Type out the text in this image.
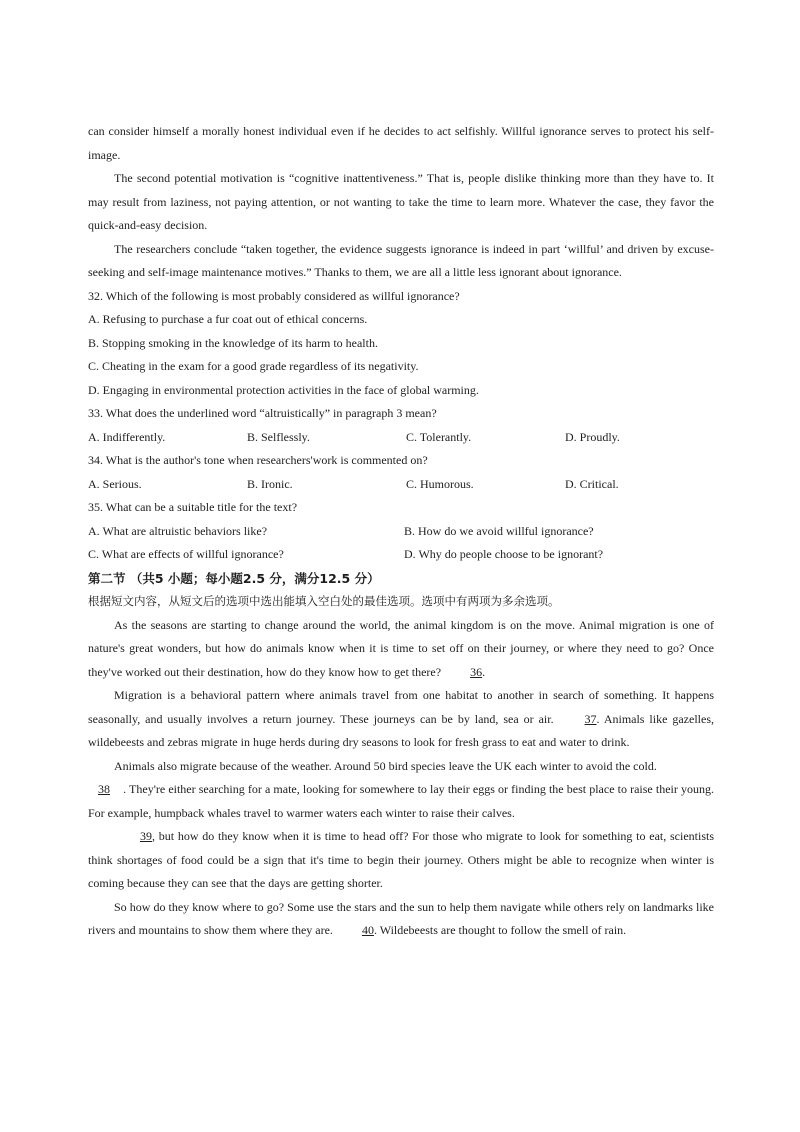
can consider himself a morally honest individual even if he decides to act selfishly. Willful ignorance serves to protect his self-image.

The second potential motivation is “cognitive inattentiveness.” That is, people dislike thinking more than they have to. It may result from laziness, not paying attention, or not wanting to take the time to learn more. Whatever the case, they favor the quick-and-easy decision.

The researchers conclude “taken together, the evidence suggests ignorance is indeed in part ‘willful’ and driven by excuse-seeking and self-image maintenance motives.” Thanks to them, we are all a little less ignorant about ignorance.

32. Which of the following is most probably considered as willful ignorance?

A. Refusing to purchase a fur coat out of ethical concerns.

B. Stopping smoking in the knowledge of its harm to health.

C. Cheating in the exam for a good grade regardless of its negativity.

D. Engaging in environmental protection activities in the face of global warming.

33. What does the underlined word “altruistically” in paragraph 3 mean?

A. Indifferently.	B. Selflessly.	C. Tolerantly.	D. Proudly.

34. What is the author's tone when researchers'work is commented on?

A. Serious.	B. Ironic.	C. Humorous.	D. Critical.

35. What can be a suitable title for the text?

A. What are altruistic behaviors like?	B. How do we avoid willful ignorance?
C. What are effects of willful ignorance?	D. Why do people choose to be ignorant?

第二节 （共5 小题；每小题2.5 分，满分12.5 分）

根据短文内容，从短文后的选项中选出能填入空白处的最佳选项。选项中有两项为多余选项。

As the seasons are starting to change around the world, the animal kingdom is on the move. Animal migration is one of nature's great wonders, but how do animals know when it is time to set off on their journey, or where they need to go? Once they've worked out their destination, how do they know how to get there? 36.

Migration is a behavioral pattern where animals travel from one habitat to another in search of something. It happens seasonally, and usually involves a return journey. These journeys can be by land, sea or air.	37. Animals like gazelles, wildebeests and zebras migrate in huge herds during dry seasons to look for fresh grass to eat and water to drink.

Animals also migrate because of the weather. Around 50 bird species leave the UK each winter to avoid the cold.

38 . They're either searching for a mate, looking for somewhere to lay their eggs or finding the best place to raise their young. For example, humpback whales travel to warmer waters each winter to raise their calves.

39, but how do they know when it is time to head off? For those who migrate to look for something to eat, scientists think shortages of food could be a sign that it's time to begin their journey. Others might be able to recognize when winter is coming because they can see that the days are getting shorter.

So how do they know where to go? Some use the stars and the sun to help them navigate while others rely on landmarks like rivers and mountains to show them where they are. 40. Wildebeests are thought to follow the smell of rain.
